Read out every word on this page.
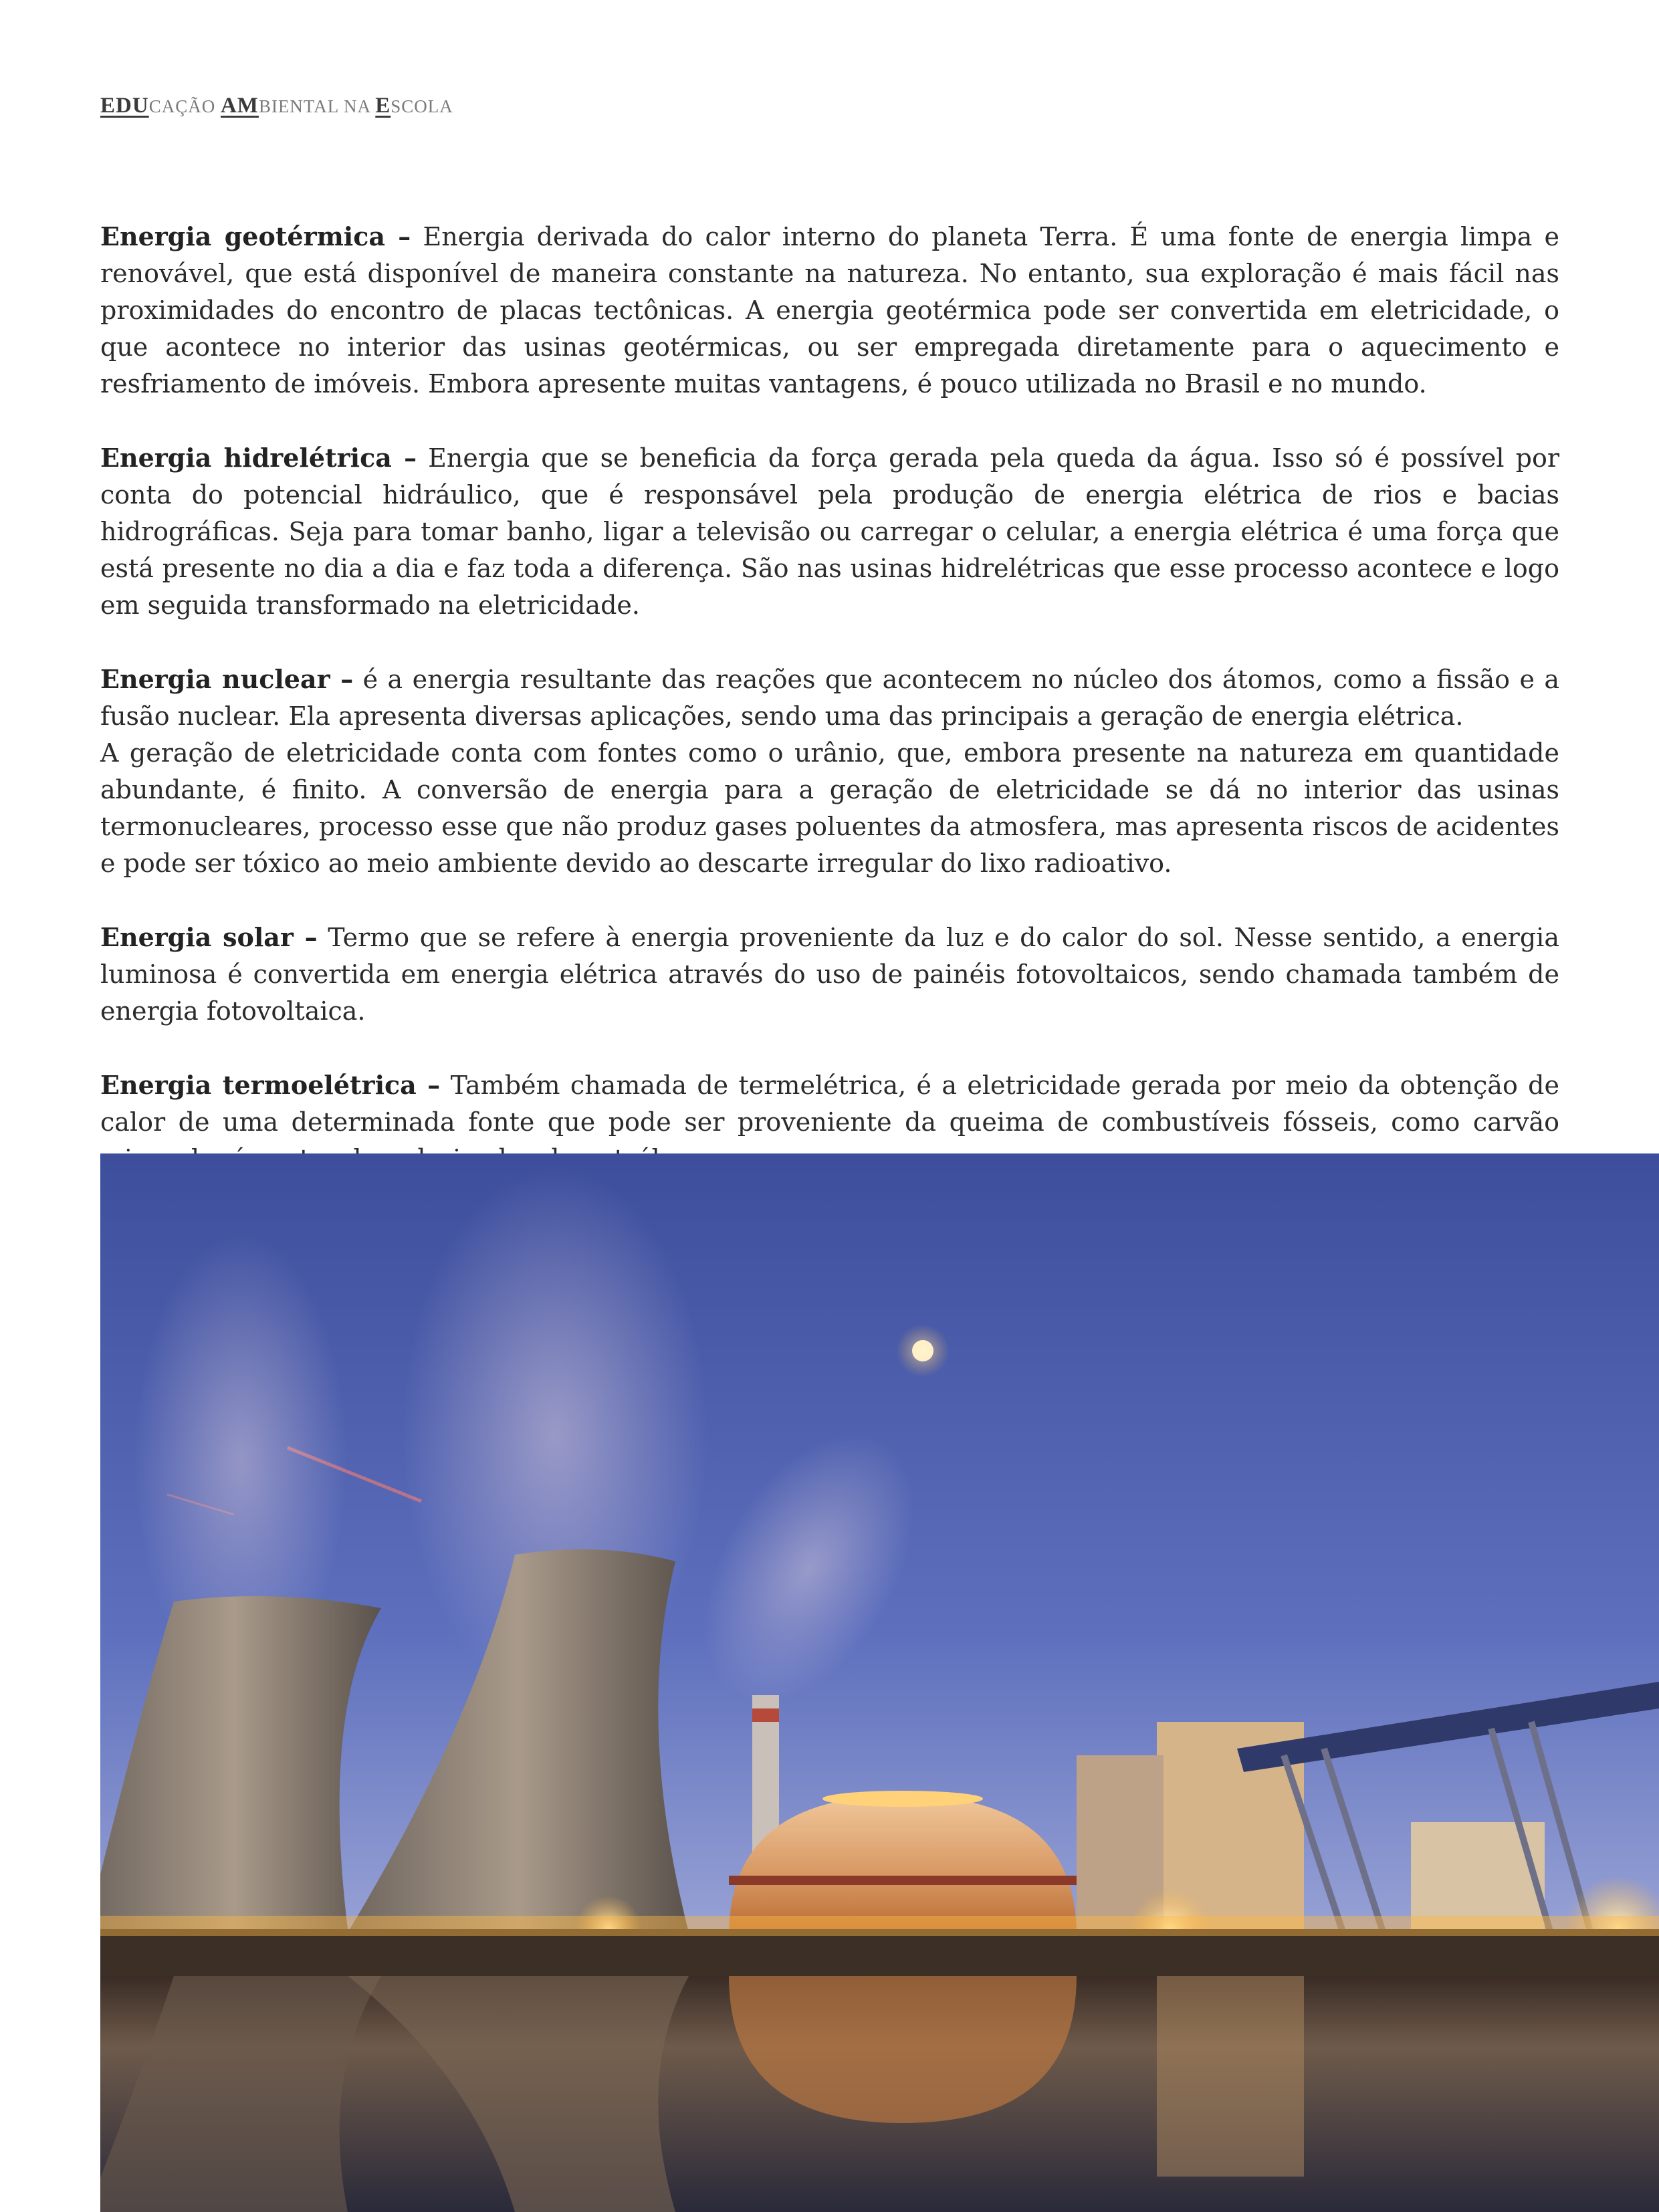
EDUCAÇÃO AMBIENTAL NA ESCOLA

Energia geotérmica – Energia derivada do calor interno do planeta Terra. É uma fonte de energia limpa e renovável, que está disponível de maneira constante na natureza. No entanto, sua exploração é mais fácil nas proximidades do encontro de placas tectônicas. A energia geotérmica pode ser convertida em eletricidade, o que acontece no interior das usinas geotérmicas, ou ser empregada diretamente para o aquecimento e resfriamento de imóveis. Embora apresente muitas vantagens, é pouco utilizada no Brasil e no mundo.

Energia hidrelétrica – Energia que se beneficia da força gerada pela queda da água. Isso só é possível por conta do potencial hidráulico, que é responsável pela produção de energia elétrica de rios e bacias hidrográficas. Seja para tomar banho, ligar a televisão ou carregar o celular, a energia elétrica é uma força que está presente no dia a dia e faz toda a diferença. São nas usinas hidrelétricas que esse processo acontece e logo em seguida transformado na eletricidade.

Energia nuclear – é a energia resultante das reações que acontecem no núcleo dos átomos, como a fissão e a fusão nuclear. Ela apresenta diversas aplicações, sendo uma das principais a geração de energia elétrica.
A geração de eletricidade conta com fontes como o urânio, que, embora presente na natureza em quantidade abundante, é finito. A conversão de energia para a geração de eletricidade se dá no interior das usinas termonucleares, processo esse que não produz gases poluentes da atmosfera, mas apresenta riscos de acidentes e pode ser tóxico ao meio ambiente devido ao descarte irregular do lixo radioativo.

Energia solar – Termo que se refere à energia proveniente da luz e do calor do sol. Nesse sentido, a energia luminosa é convertida em energia elétrica através do uso de painéis fotovoltaicos, sendo chamada também de energia fotovoltaica.

Energia termoelétrica – Também chamada de termelétrica, é a eletricidade gerada por meio da obtenção de calor de uma determinada fonte que pode ser proveniente da queima de combustíveis fósseis, como carvão
